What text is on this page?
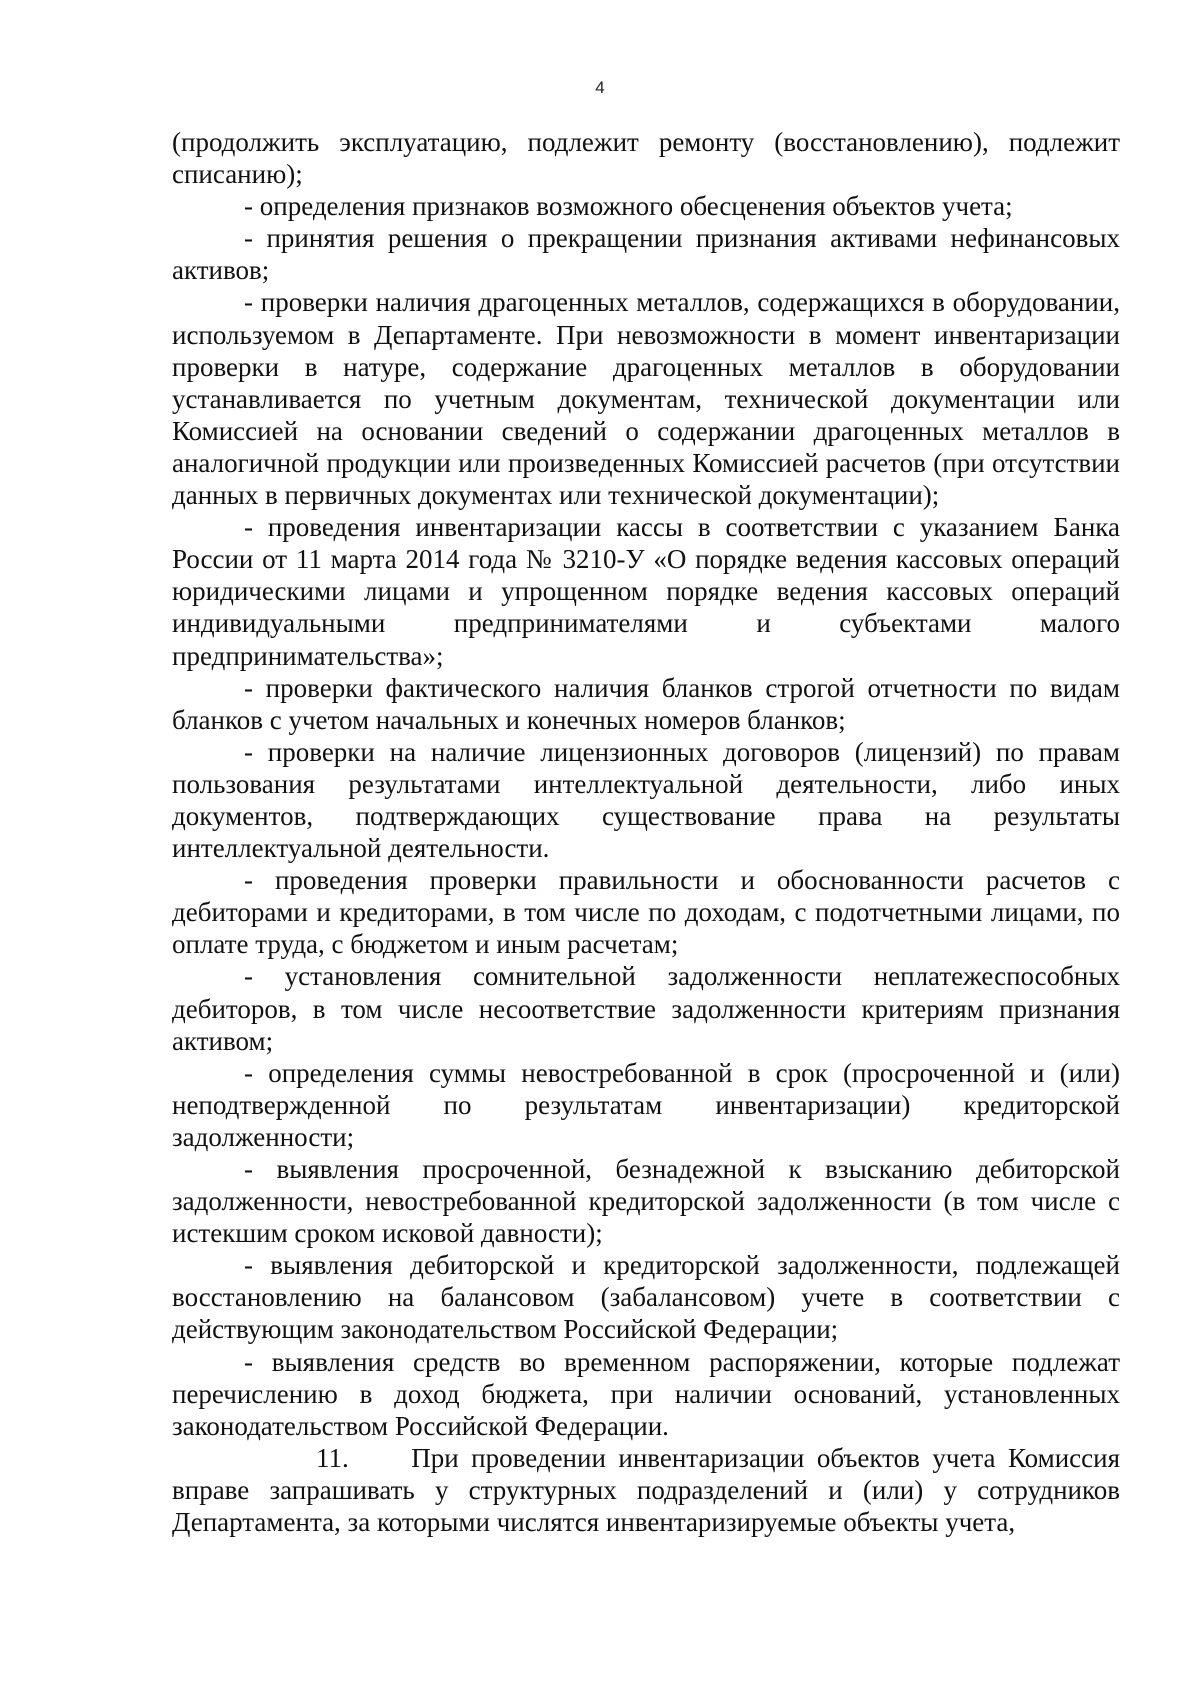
4

(продолжить эксплуатацию, подлежит ремонту (восстановлению), подлежит списанию);

- определения признаков возможного обесценения объектов учета;

- принятия решения о прекращении признания активами нефинансовых активов;

- проверки наличия драгоценных металлов, содержащихся в оборудовании, используемом в Департаменте. При невозможности в момент инвентаризации проверки в натуре, содержание драгоценных металлов в оборудовании устанавливается по учетным документам, технической документации или Комиссией на основании сведений о содержании драгоценных металлов в аналогичной продукции или произведенных Комиссией расчетов (при отсутствии данных в первичных документах или технической документации);

- проведения инвентаризации кассы в соответствии с указанием Банка России от 11 марта 2014 года № 3210-У «О порядке ведения кассовых операций юридическими лицами и упрощенном порядке ведения кассовых операций индивидуальными предпринимателями и субъектами малого предпринимательства»;

- проверки фактического наличия бланков строгой отчетности по видам бланков с учетом начальных и конечных номеров бланков;

- проверки на наличие лицензионных договоров (лицензий) по правам пользования результатами интеллектуальной деятельности, либо иных документов, подтверждающих существование права на результаты интеллектуальной деятельности.

- проведения проверки правильности и обоснованности расчетов с дебиторами и кредиторами, в том числе по доходам, с подотчетными лицами, по оплате труда, с бюджетом и иным расчетам;

- установления сомнительной задолженности неплатежеспособных дебиторов, в том числе несоответствие задолженности критериям признания активом;

- определения суммы невостребованной в срок (просроченной и (или) неподтвержденной по результатам инвентаризации) кредиторской задолженности;

- выявления просроченной, безнадежной к взысканию дебиторской задолженности, невостребованной кредиторской задолженности (в том числе с истекшим сроком исковой давности);

- выявления дебиторской и кредиторской задолженности, подлежащей восстановлению на балансовом (забалансовом) учете в соответствии с действующим законодательством Российской Федерации;

- выявления средств во временном распоряжении, которые подлежат перечислению в доход бюджета, при наличии оснований, установленных законодательством Российской Федерации.

11. При проведении инвентаризации объектов учета Комиссия вправе запрашивать у структурных подразделений и (или) у сотрудников Департамента, за которыми числятся инвентаризируемые объекты учета,
